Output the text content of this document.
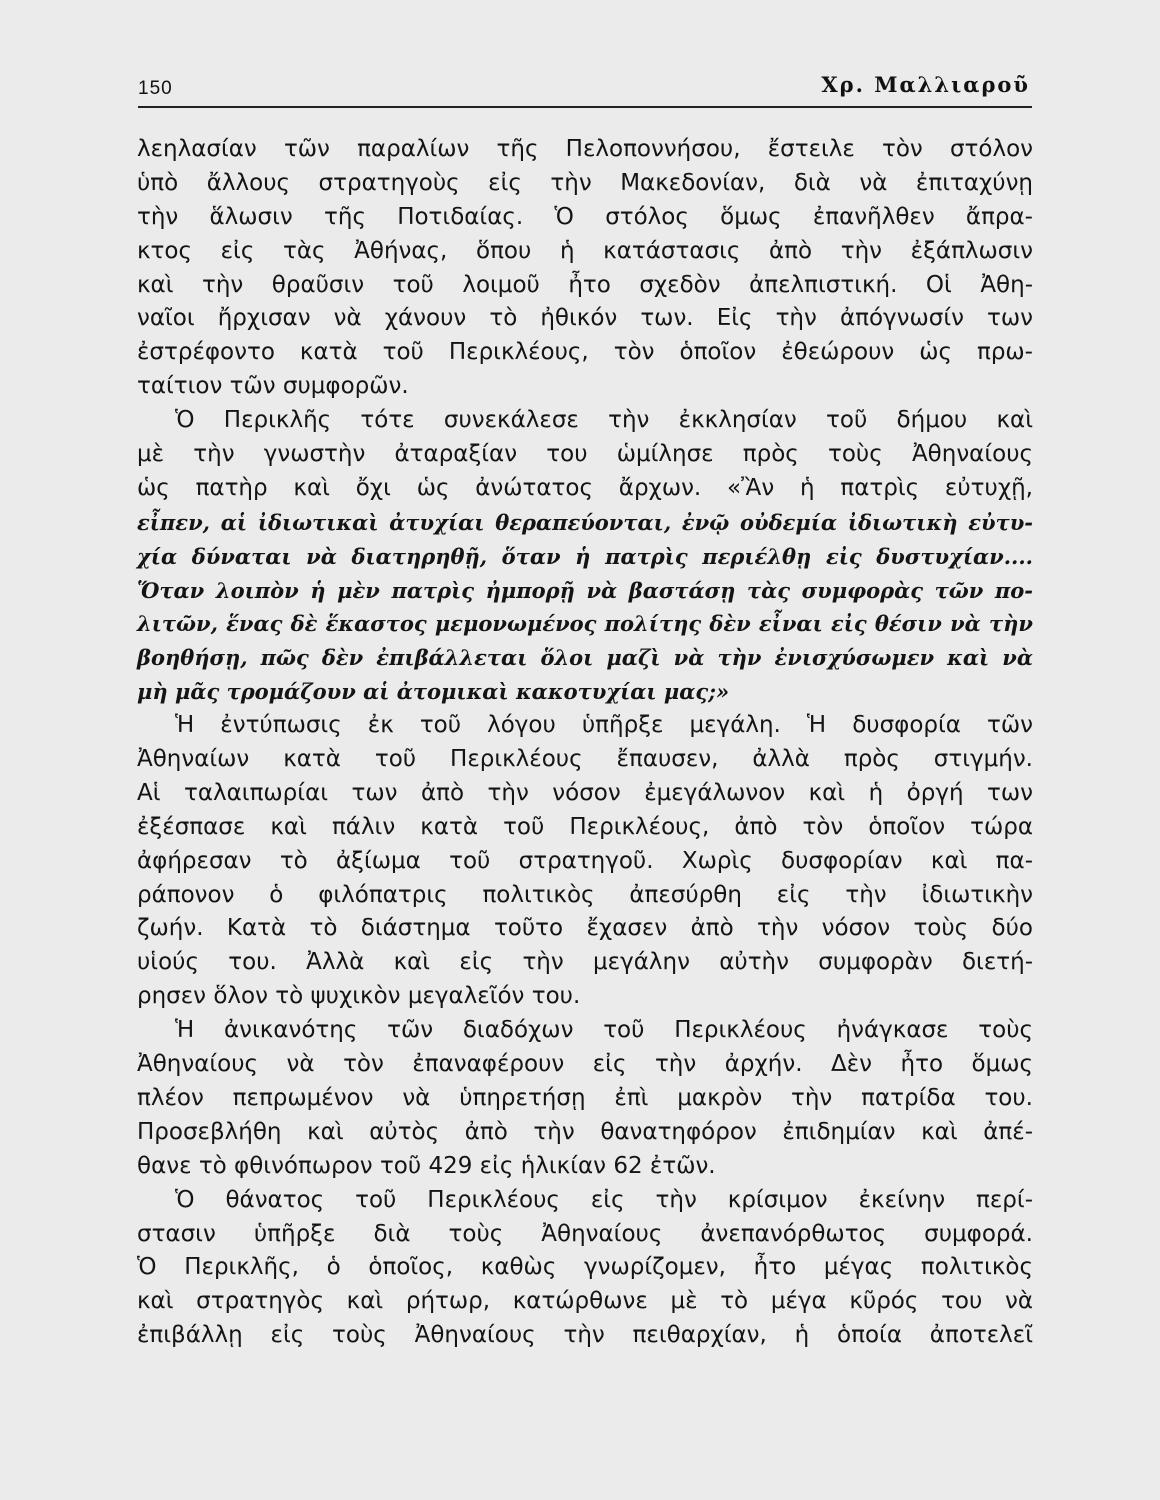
150	Χρ. Μαλλιαροῦ
λεηλασίαν τῶν παραλίων τῆς Πελοποννήσου, ἔστειλε τὸν στόλον
ὑπὸ ἄλλους στρατηγοὺς εἰς τὴν Μακεδονίαν, διὰ νὰ ἐπιταχύνῃ
τὴν ἅλωσιν τῆς Ποτιδαίας. Ὁ στόλος ὅμως ἐπανῆλθεν ἄπρα-
κτος εἰς τὰς Ἀθήνας, ὅπου ἡ κατάστασις ἀπὸ τὴν ἐξάπλωσιν
καὶ τὴν θραῦσιν τοῦ λοιμοῦ ἦτο σχεδὸν ἀπελπιστική. Οἱ Ἀθη-
ναῖοι ἤρχισαν νὰ χάνουν τὸ ἠθικόν των. Εἰς τὴν ἀπόγνωσίν των
ἐστρέφοντο κατὰ τοῦ Περικλέους, τὸν ὁποῖον ἐθεώρουν ὡς πρω-
ταίτιον τῶν συμφορῶν.
Ὁ Περικλῆς τότε συνεκάλεσε τὴν ἐκκλησίαν τοῦ δήμου καὶ
μὲ τὴν γνωστὴν ἀταραξίαν του ὡμίλησε πρὸς τοὺς Ἀθηναίους
ὡς πατὴρ καὶ ὄχι ὡς ἀνώτατος ἄρχων. «Ἂν ἡ πατρὶς εὐτυχῇ,
εἶπεν, αἱ ἰδιωτικαὶ ἀτυχίαι θεραπεύονται, ἐνῷ οὐδεμία ἰδιωτικὴ εὐτυ-
χία δύναται νὰ διατηρηθῇ, ὅταν ἡ πατρὶς περιέλθῃ εἰς δυστυχίαν....
Ὅταν λοιπὸν ἡ μὲν πατρὶς ἠμπορῇ νὰ βαστάσῃ τὰς συμφορὰς τῶν πο-
λιτῶν, ἕνας δὲ ἕκαστος μεμονωμένος πολίτης δὲν εἶναι εἰς θέσιν νὰ τὴν
βοηθήσῃ, πῶς δὲν ἐπιβάλλεται ὅλοι μαζὶ νὰ τὴν ἐνισχύσωμεν καὶ νὰ
μὴ μᾶς τρομάζουν αἱ ἀτομικαὶ κακοτυχίαι μας;»
Ἡ ἐντύπωσις ἐκ τοῦ λόγου ὑπῆρξε μεγάλη. Ἡ δυσφορία τῶν
Ἀθηναίων κατὰ τοῦ Περικλέους ἔπαυσεν, ἀλλὰ πρὸς στιγμήν.
Αἱ ταλαιπωρίαι των ἀπὸ τὴν νόσον ἐμεγάλωνον καὶ ἡ ὀργή των
ἐξέσπασε καὶ πάλιν κατὰ τοῦ Περικλέους, ἀπὸ τὸν ὁποῖον τώρα
ἀφήρεσαν τὸ ἀξίωμα τοῦ στρατηγοῦ. Χωρὶς δυσφορίαν καὶ πα-
ράπονον ὁ φιλόπατρις πολιτικὸς ἀπεσύρθη εἰς τὴν ἰδιωτικὴν
ζωήν. Κατὰ τὸ διάστημα τοῦτο ἔχασεν ἀπὸ τὴν νόσον τοὺς δύο
υἱούς του. Ἀλλὰ καὶ εἰς τὴν μεγάλην αὐτὴν συμφορὰν διετή-
ρησεν ὅλον τὸ ψυχικὸν μεγαλεῖόν του.
Ἡ ἀνικανότης τῶν διαδόχων τοῦ Περικλέους ἠνάγκασε τοὺς
Ἀθηναίους νὰ τὸν ἐπαναφέρουν εἰς τὴν ἀρχήν. Δὲν ἦτο ὅμως
πλέον πεπρωμένον νὰ ὑπηρετήσῃ ἐπὶ μακρὸν τὴν πατρίδα του.
Προσεβλήθη καὶ αὐτὸς ἀπὸ τὴν θανατηφόρον ἐπιδημίαν καὶ ἀπέ-
θανε τὸ φθινόπωρον τοῦ 429 εἰς ἡλικίαν 62 ἐτῶν.
Ὁ θάνατος τοῦ Περικλέους εἰς τὴν κρίσιμον ἐκείνην περί-
στασιν ὑπῆρξε διὰ τοὺς Ἀθηναίους ἀνεπανόρθωτος συμφορά.
Ὁ Περικλῆς, ὁ ὁποῖος, καθὼς γνωρίζομεν, ἦτο μέγας πολιτικὸς
καὶ στρατηγὸς καὶ ρήτωρ, κατώρθωνε μὲ τὸ μέγα κῦρός του νὰ
ἐπιβάλλῃ εἰς τοὺς Ἀθηναίους τὴν πειθαρχίαν, ἡ ὁποία ἀποτελεῖ
